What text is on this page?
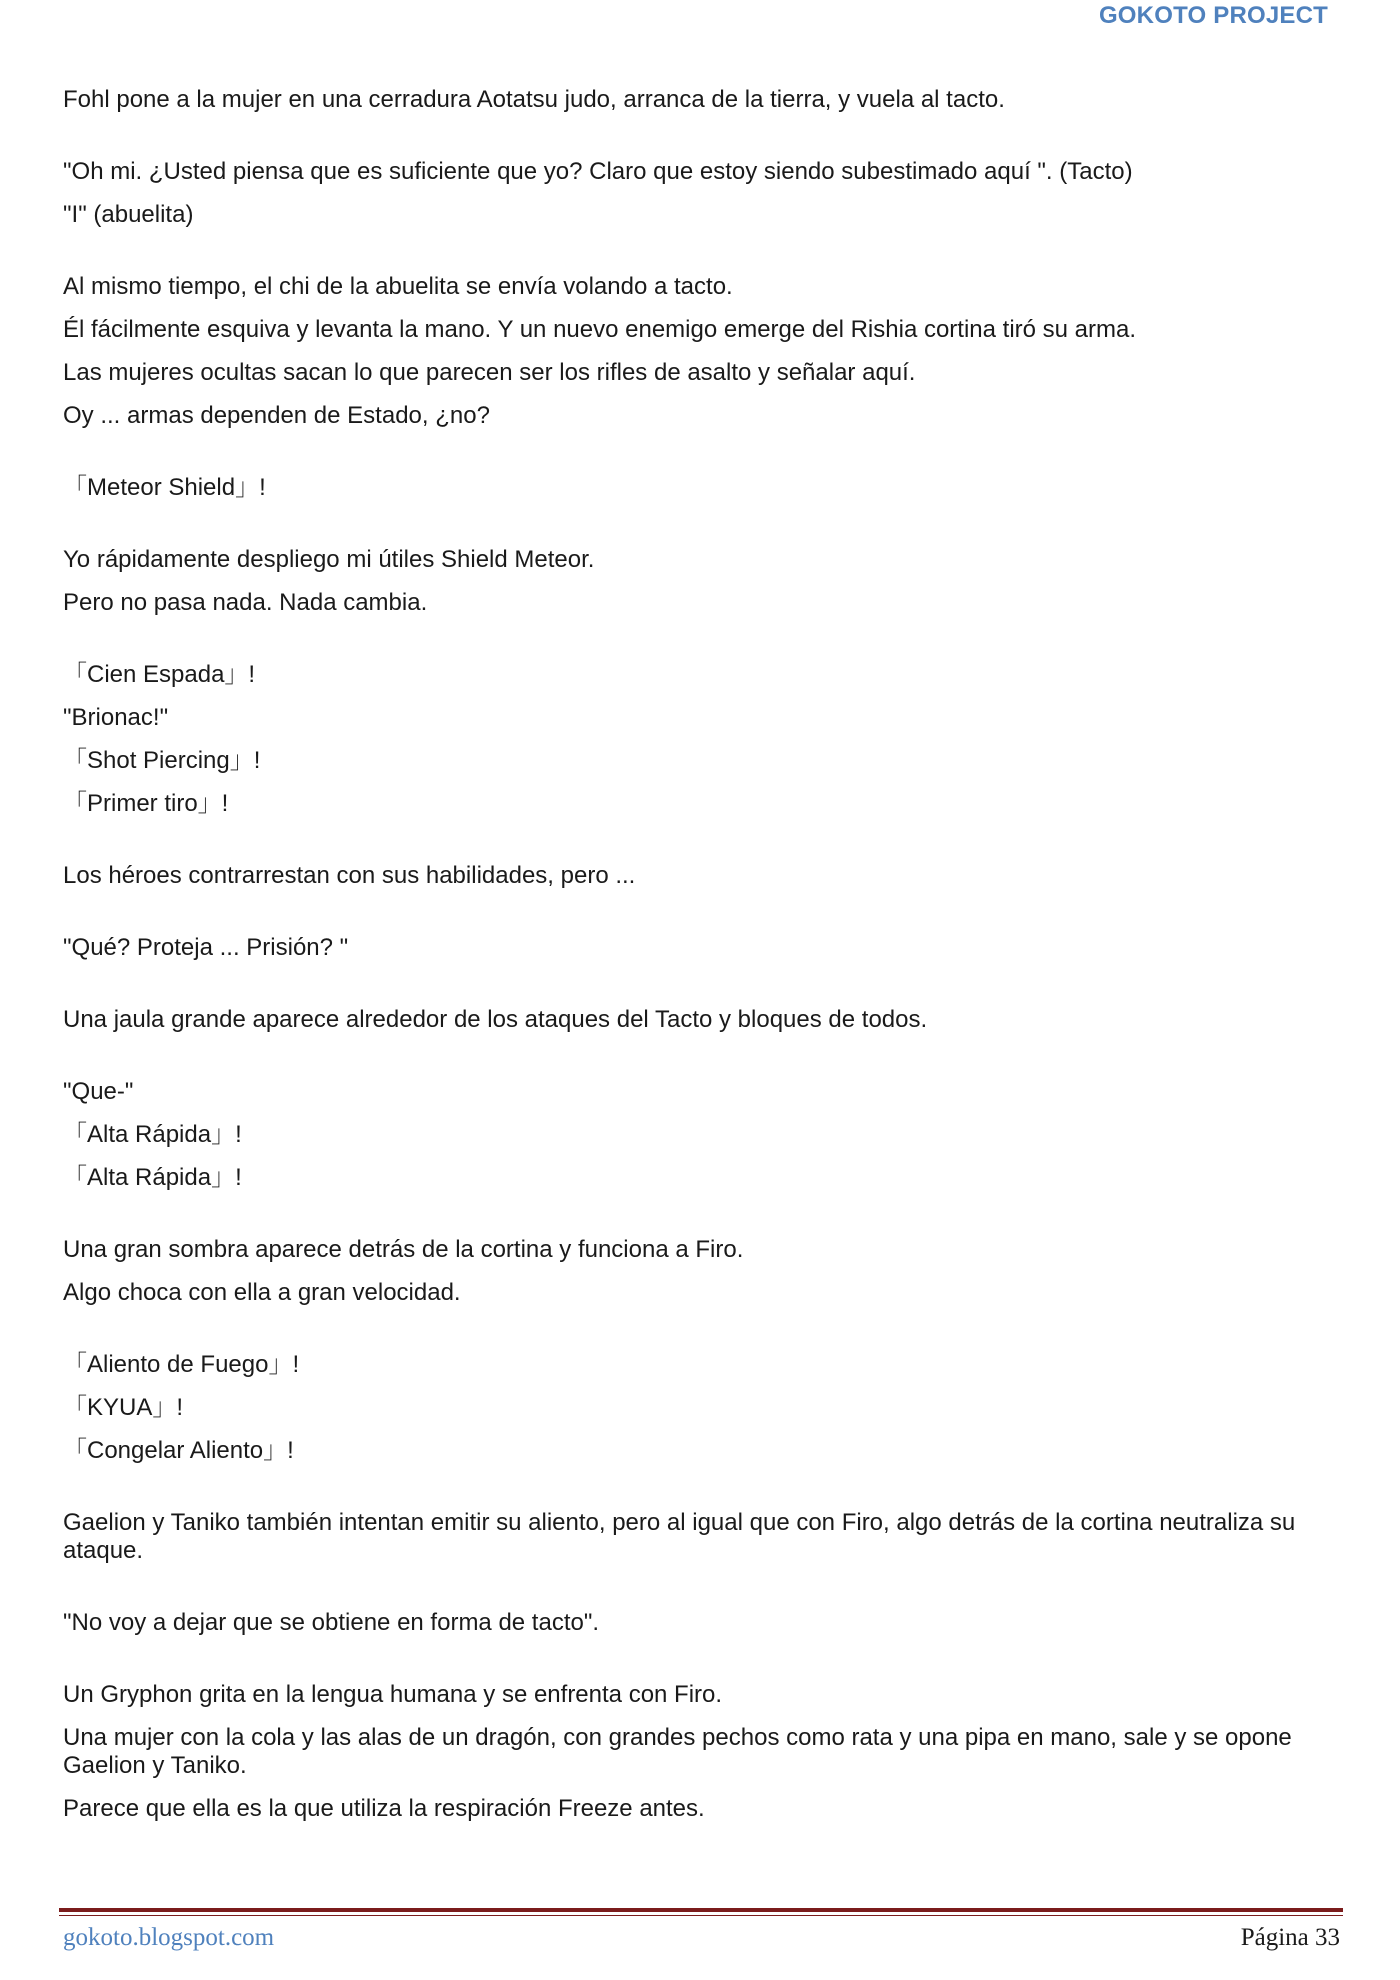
GOKOTO PROJECT

Fohl pone a la mujer en una cerradura Aotatsu judo, arranca de la tierra, y vuela al tacto.

"Oh mi. ¿Usted piensa que es suficiente que yo? Claro que estoy siendo subestimado aquí ". (Tacto)

"I" (abuelita)

Al mismo tiempo, el chi de la abuelita se envía volando a tacto.

Él fácilmente esquiva y levanta la mano. Y un nuevo enemigo emerge del Rishia cortina tiró su arma.

Las mujeres ocultas sacan lo que parecen ser los rifles de asalto y señalar aquí.

Oy ... armas dependen de Estado, ¿no?

「Meteor Shield」!

Yo rápidamente despliego mi útiles Shield Meteor.

Pero no pasa nada. Nada cambia.

「Cien Espada」!

"Brionac!"

「Shot Piercing」!

「Primer tiro」!

Los héroes contrarrestan con sus habilidades, pero ...

"Qué? Proteja ... Prisión? "

Una jaula grande aparece alrededor de los ataques del Tacto y bloques de todos.

"Que-"

「Alta Rápida」!

「Alta Rápida」!

Una gran sombra aparece detrás de la cortina y funciona a Firo.

Algo choca con ella a gran velocidad.

「Aliento de Fuego」!

「KYUA」!

「Congelar Aliento」!

Gaelion y Taniko también intentan emitir su aliento, pero al igual que con Firo, algo detrás de la cortina neutraliza su ataque.

"No voy a dejar que se obtiene en forma de tacto".

Un Gryphon grita en la lengua humana y se enfrenta con Firo.

Una mujer con la cola y las alas de un dragón, con grandes pechos como rata y una pipa en mano, sale y se opone Gaelion y Taniko.

Parece que ella es la que utiliza la respiración Freeze antes.

gokoto.blogspot.com	Página 33
